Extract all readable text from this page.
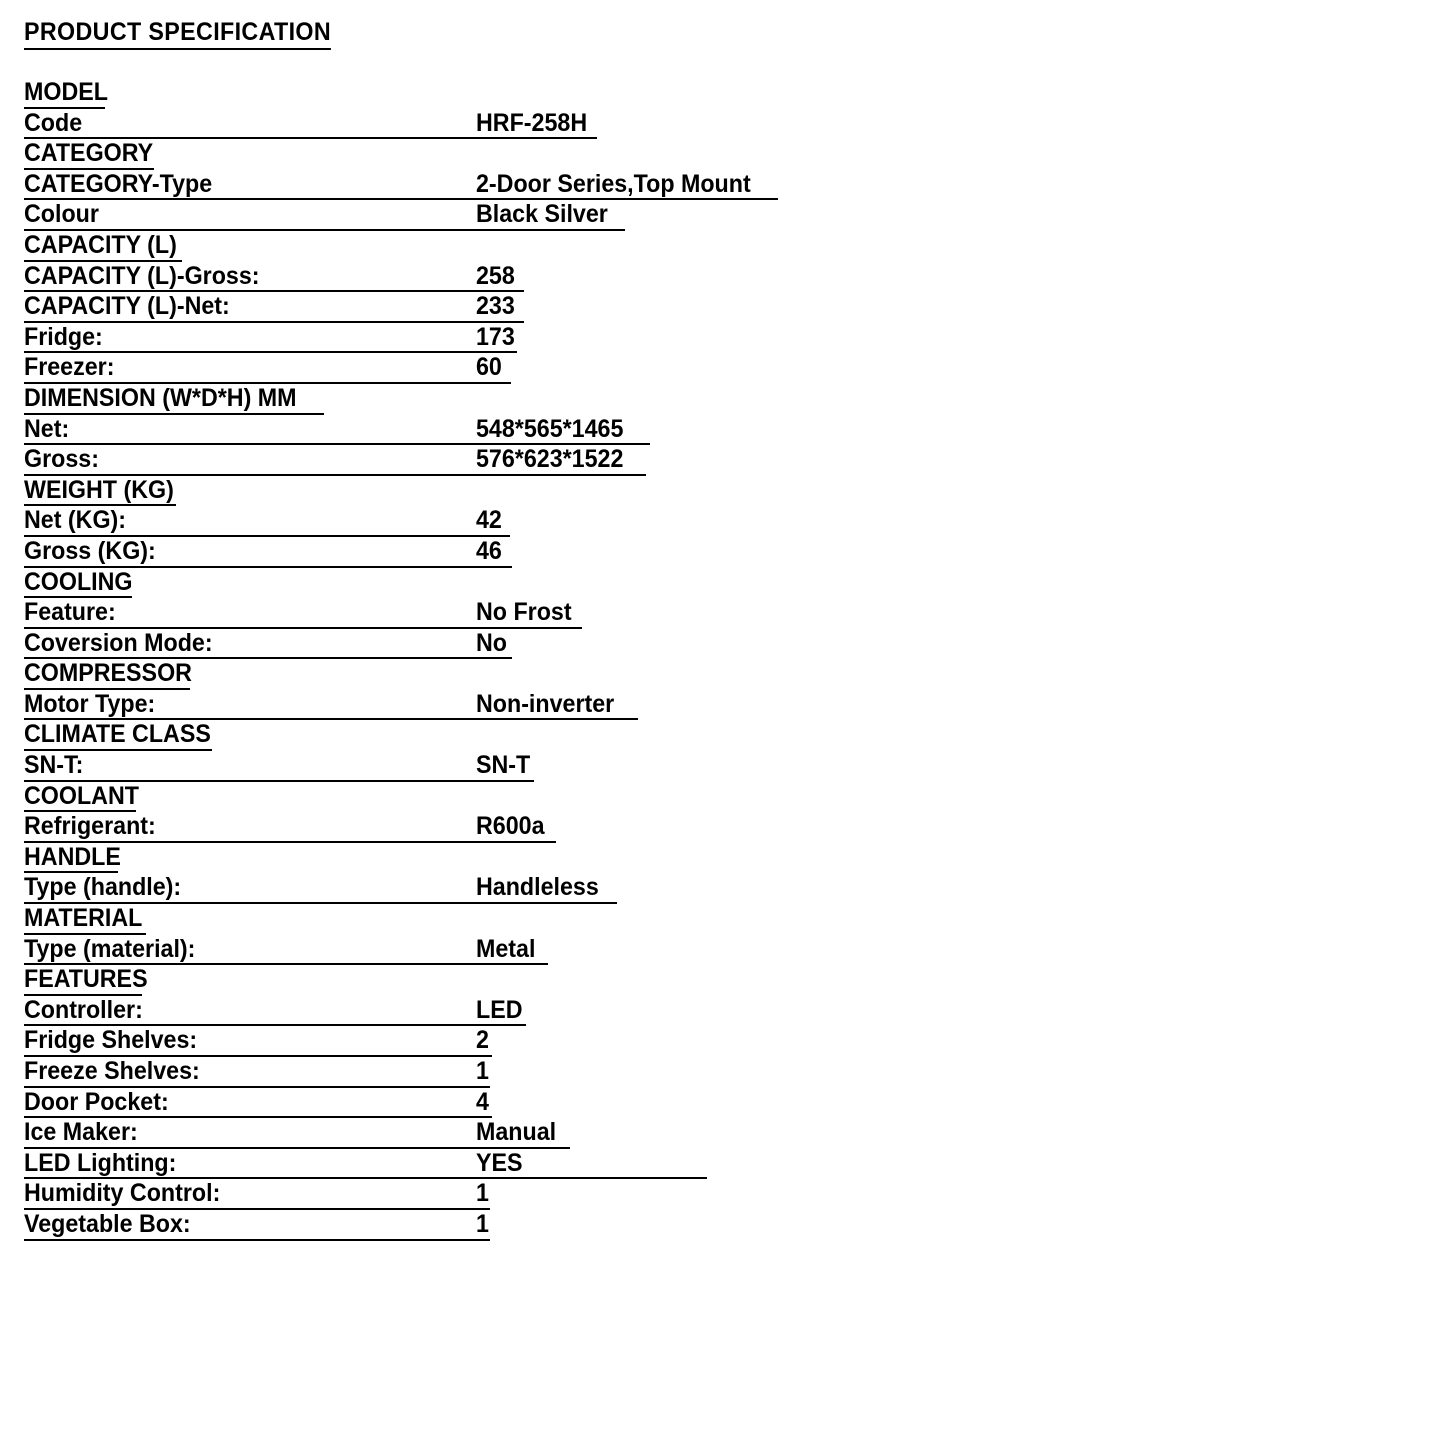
PRODUCT SPECIFICATION
MODEL
Code	HRF-258H
CATEGORY
CATEGORY-Type	2-Door Series,Top Mount
Colour	Black Silver
CAPACITY (L)
CAPACITY (L)-Gross:	258
CAPACITY (L)-Net:	233
Fridge:	173
Freezer:	60
DIMENSION (W*D*H) MM
Net:	548*565*1465
Gross:	576*623*1522
WEIGHT (KG)
Net (KG):	42
Gross (KG):	46
COOLING
Feature:	No Frost
Coversion Mode:	No
COMPRESSOR
Motor Type:	Non-inverter
CLIMATE CLASS
SN-T:	SN-T
COOLANT
Refrigerant:	R600a
HANDLE
Type (handle):	Handleless
MATERIAL
Type (material):	Metal
FEATURES
Controller:	LED
Fridge Shelves:	2
Freeze Shelves:	1
Door Pocket:	4
Ice Maker:	Manual
LED Lighting:	YES
Humidity Control:	1
Vegetable Box:	1
